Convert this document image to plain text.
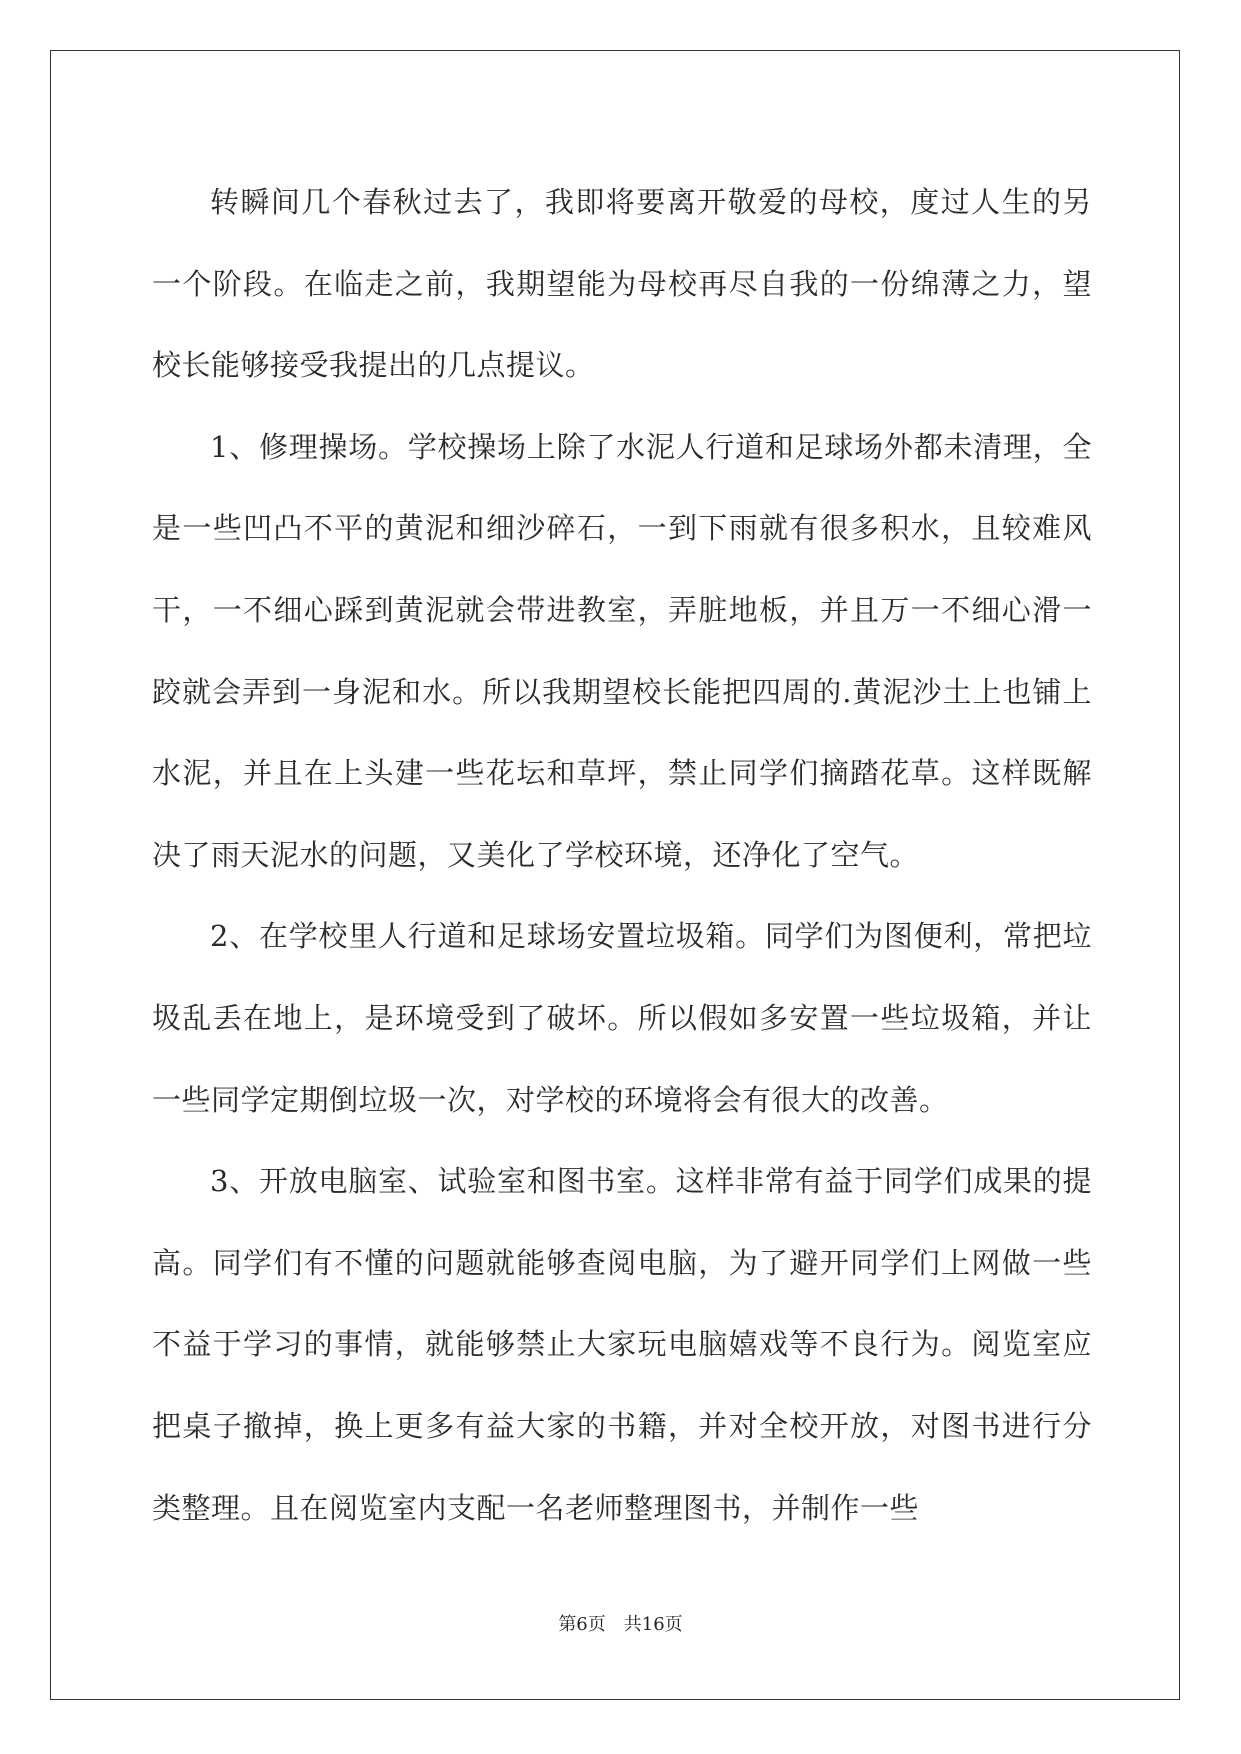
转瞬间几个春秋过去了，我即将要离开敬爱的母校，度过人生的另一个阶段。在临走之前，我期望能为母校再尽自我的一份绵薄之力，望校长能够接受我提出的几点提议。

1、修理操场。学校操场上除了水泥人行道和足球场外都未清理，全是一些凹凸不平的黄泥和细沙碎石，一到下雨就有很多积水，且较难风干，一不细心踩到黄泥就会带进教室，弄脏地板，并且万一不细心滑一跤就会弄到一身泥和水。所以我期望校长能把四周的.黄泥沙土上也铺上水泥，并且在上头建一些花坛和草坪，禁止同学们摘踏花草。这样既解决了雨天泥水的问题，又美化了学校环境，还净化了空气。

2、在学校里人行道和足球场安置垃圾箱。同学们为图便利，常把垃圾乱丢在地上，是环境受到了破坏。所以假如多安置一些垃圾箱，并让一些同学定期倒垃圾一次，对学校的环境将会有很大的改善。

3、开放电脑室、试验室和图书室。这样非常有益于同学们成果的提高。同学们有不懂的问题就能够查阅电脑，为了避开同学们上网做一些不益于学习的事情，就能够禁止大家玩电脑嬉戏等不良行为。阅览室应把桌子撤掉，换上更多有益大家的书籍，并对全校开放，对图书进行分类整理。且在阅览室内支配一名老师整理图书，并制作一些

第6页 共16页
